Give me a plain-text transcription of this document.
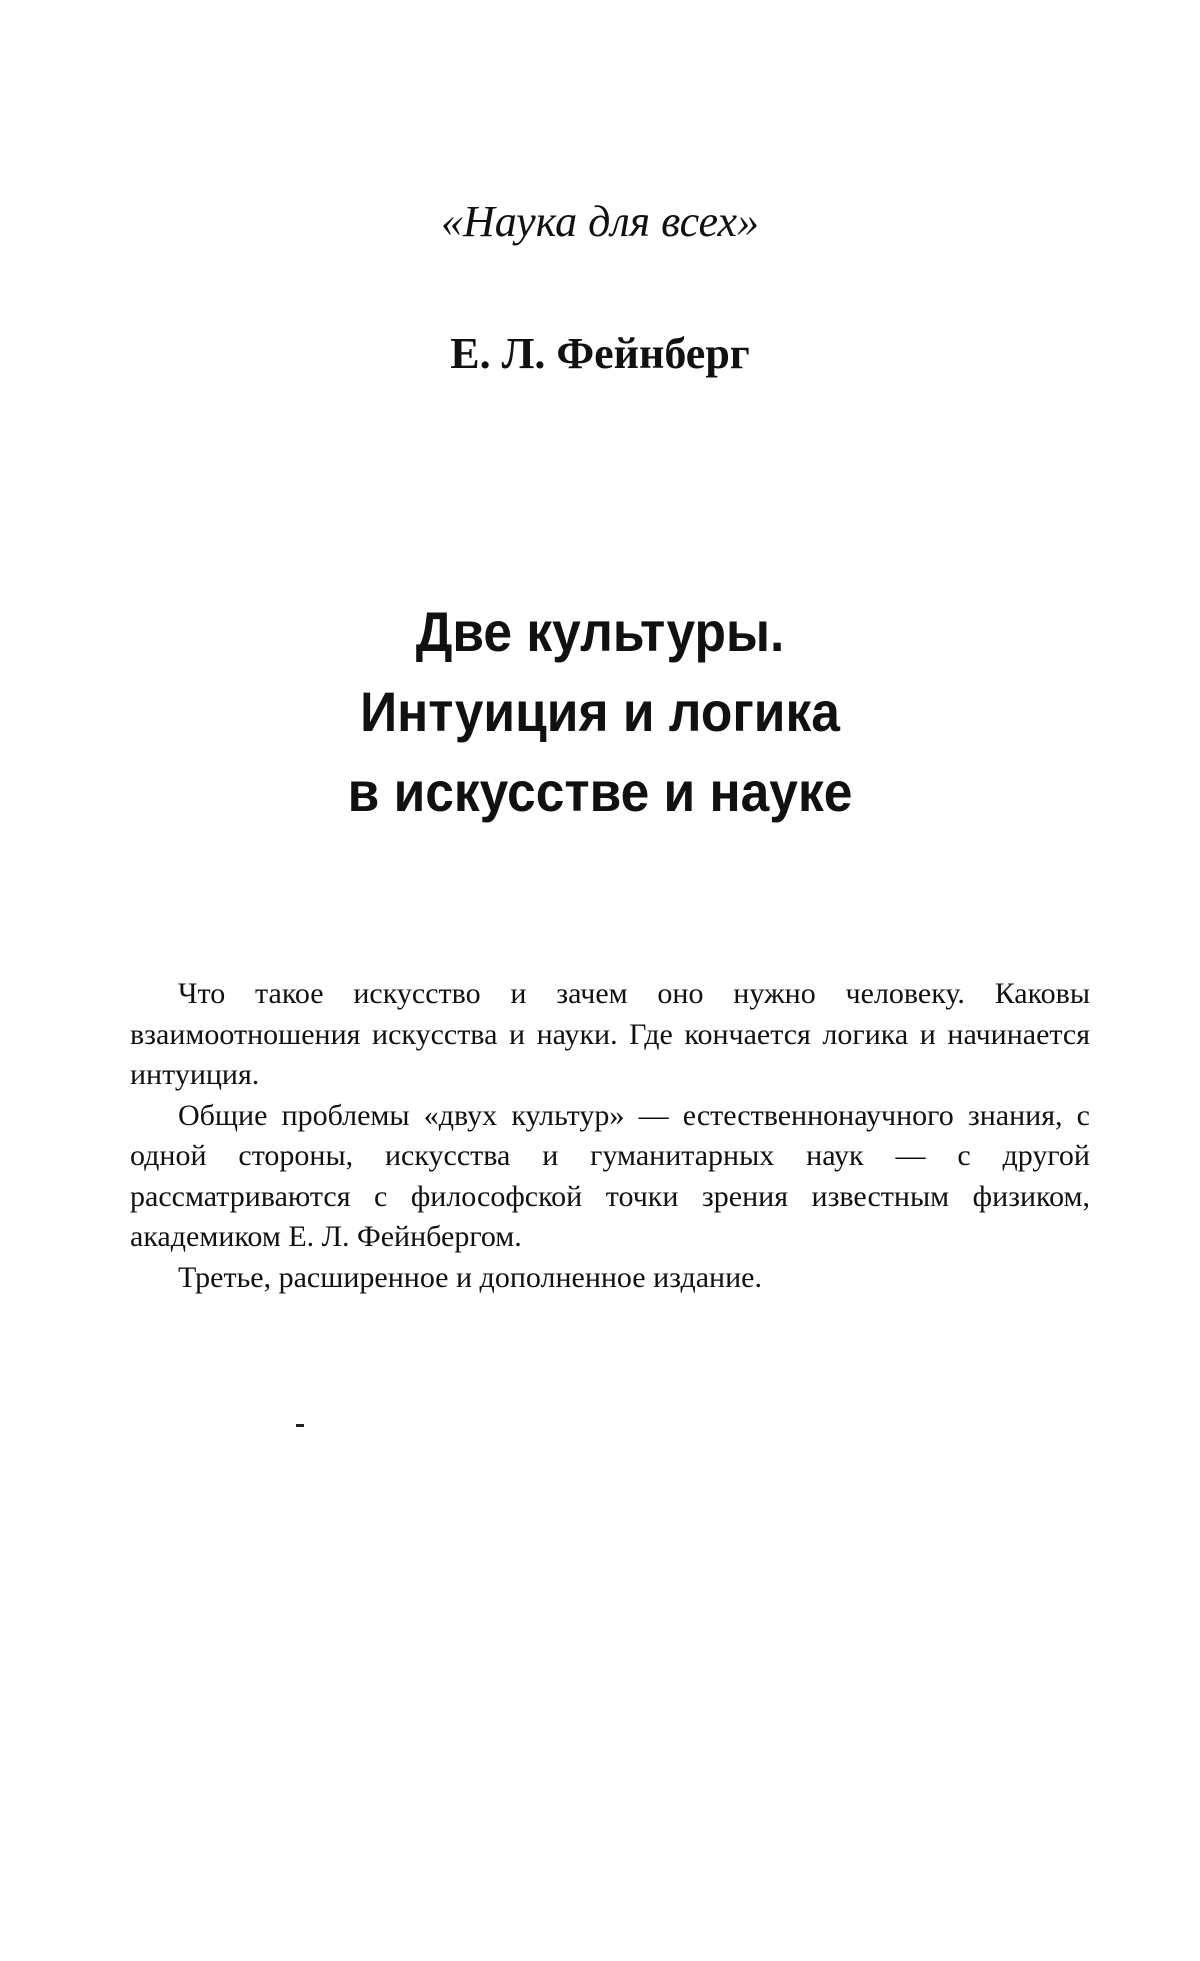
«Наука для всех»

Е. Л. Фейнберг

Две культуры.
Интуиция и логика
в искусстве и науке

Что такое искусство и зачем оно нужно человеку. Каковы взаимоотношения искусства и науки. Где кончается логика и начинается интуиция.

Общие проблемы «двух культур» — естественнонаучного знания, с одной стороны, искусства и гуманитарных наук — с другой рассматриваются с философской точки зрения известным физиком, академиком Е. Л. Фейнбергом.

Третье, расширенное и дополненное издание.
